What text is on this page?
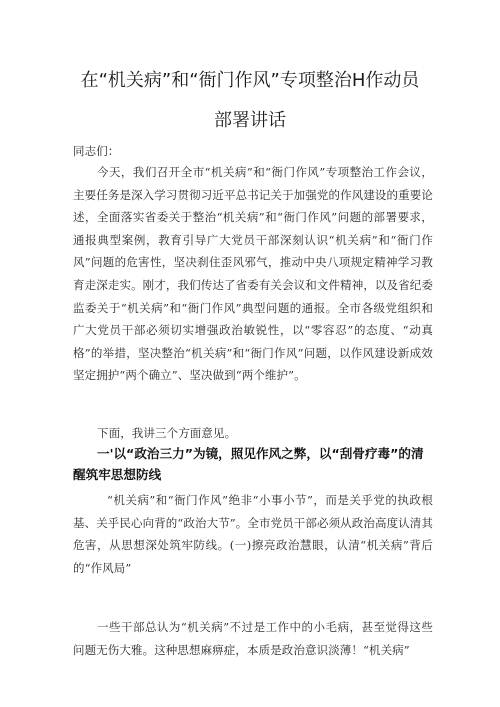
在“机关病”和“衙门作风”专项整治H作动员
部署讲话

同志们：

今天，我们召开全市“机关病”和“衙门作风”专项整治工作会议，主要任务是深入学习贯彻习近平总书记关于加强党的作风建设的重要论述，全面落实省委关于整治“机关病”和“衙门作风”问题的部署要求，通报典型案例，教育引导广大党员干部深刻认识“机关病”和“衙门作风”问题的危害性，坚决刹住歪风邪气，推动中央八项规定精神学习教育走深走实。刚才，我们传达了省委有关会议和文件精神，以及省纪委监委关于“机关病”和“衙门作风”典型问题的通报。全市各级党组织和广大党员干部必须切实增强政治敏锐性，以“零容忍”的态度、“动真格”的举措，坚决整治“机关病”和“衙门作风”问题，以作风建设新成效坚定拥护“两个确立”、坚决做到“两个维护”。

下面，我讲三个方面意见。

一'以“政治三力”为镜，照见作风之弊，以“刮骨疗毒”的清醒筑牢思想防线

“机关病”和“衙门作风”绝非“小事小节”，而是关乎党的执政根基、关乎民心向背的“政治大节”。全市党员干部必须从政治高度认清其危害，从思想深处筑牢防线。(一)擦亮政治慧眼，认清“机关病”背后的“作风局”

一些干部总认为“机关病”不过是工作中的小毛病，甚至觉得这些问题无伤大雅。这种思想麻痹症，本质是政治意识淡薄！“机关病”
